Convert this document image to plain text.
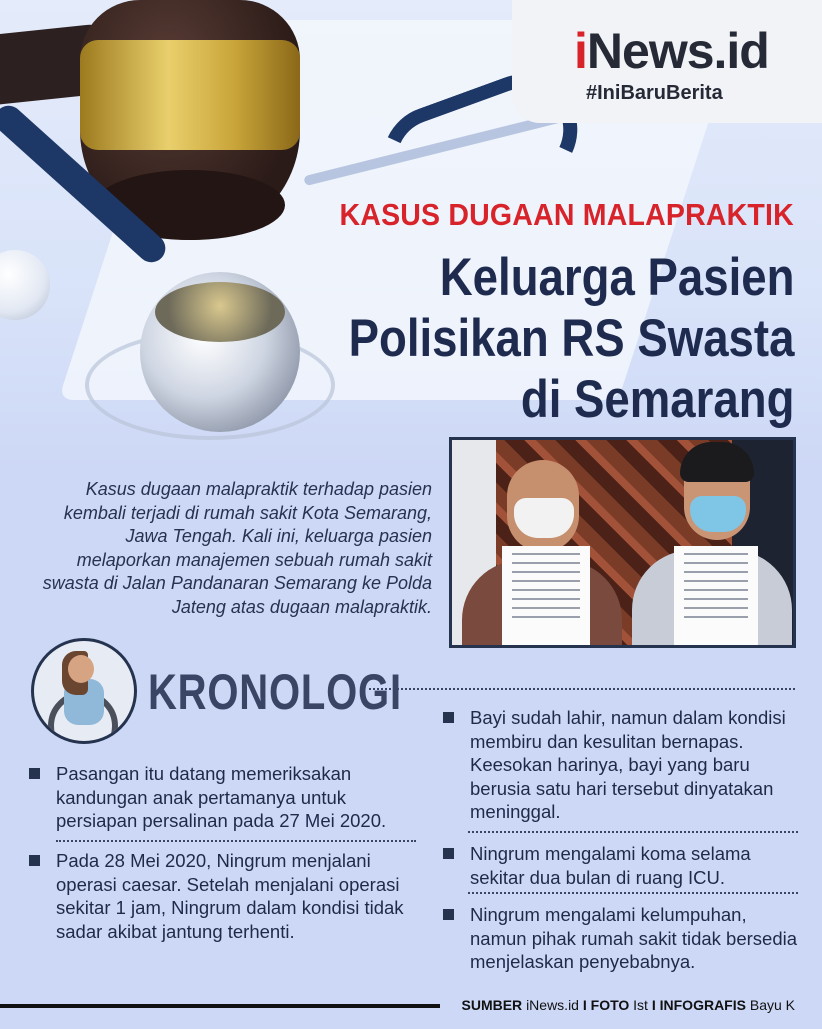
iNews.id
#IniBaruBerita
KASUS DUGAAN MALAPRAKTIK
Keluarga Pasien
Polisikan RS Swasta
di Semarang

Kasus dugaan malapraktik terhadap pasien kembali terjadi di rumah sakit Kota Semarang, Jawa Tengah. Kali ini, keluarga pasien melaporkan manajemen sebuah rumah sakit swasta di Jalan Pandanaran Semarang ke Polda Jateng atas dugaan malapraktik.

KRONOLOGI
Pasangan itu datang memeriksakan kandungan anak pertamanya untuk persiapan persalinan pada 27 Mei 2020.
Pada 28 Mei 2020, Ningrum menjalani operasi caesar. Setelah menjalani operasi sekitar 1 jam, Ningrum dalam kondisi tidak sadar akibat jantung terhenti.
Bayi sudah lahir, namun dalam kondisi membiru dan kesulitan bernapas. Keesokan harinya, bayi yang baru berusia satu hari tersebut dinyatakan meninggal.
Ningrum mengalami koma selama sekitar dua bulan di ruang ICU.
Ningrum mengalami kelumpuhan, namun pihak rumah sakit tidak bersedia menjelaskan penyebabnya.
SUMBER iNews.id I FOTO Ist I INFOGRAFIS Bayu K
